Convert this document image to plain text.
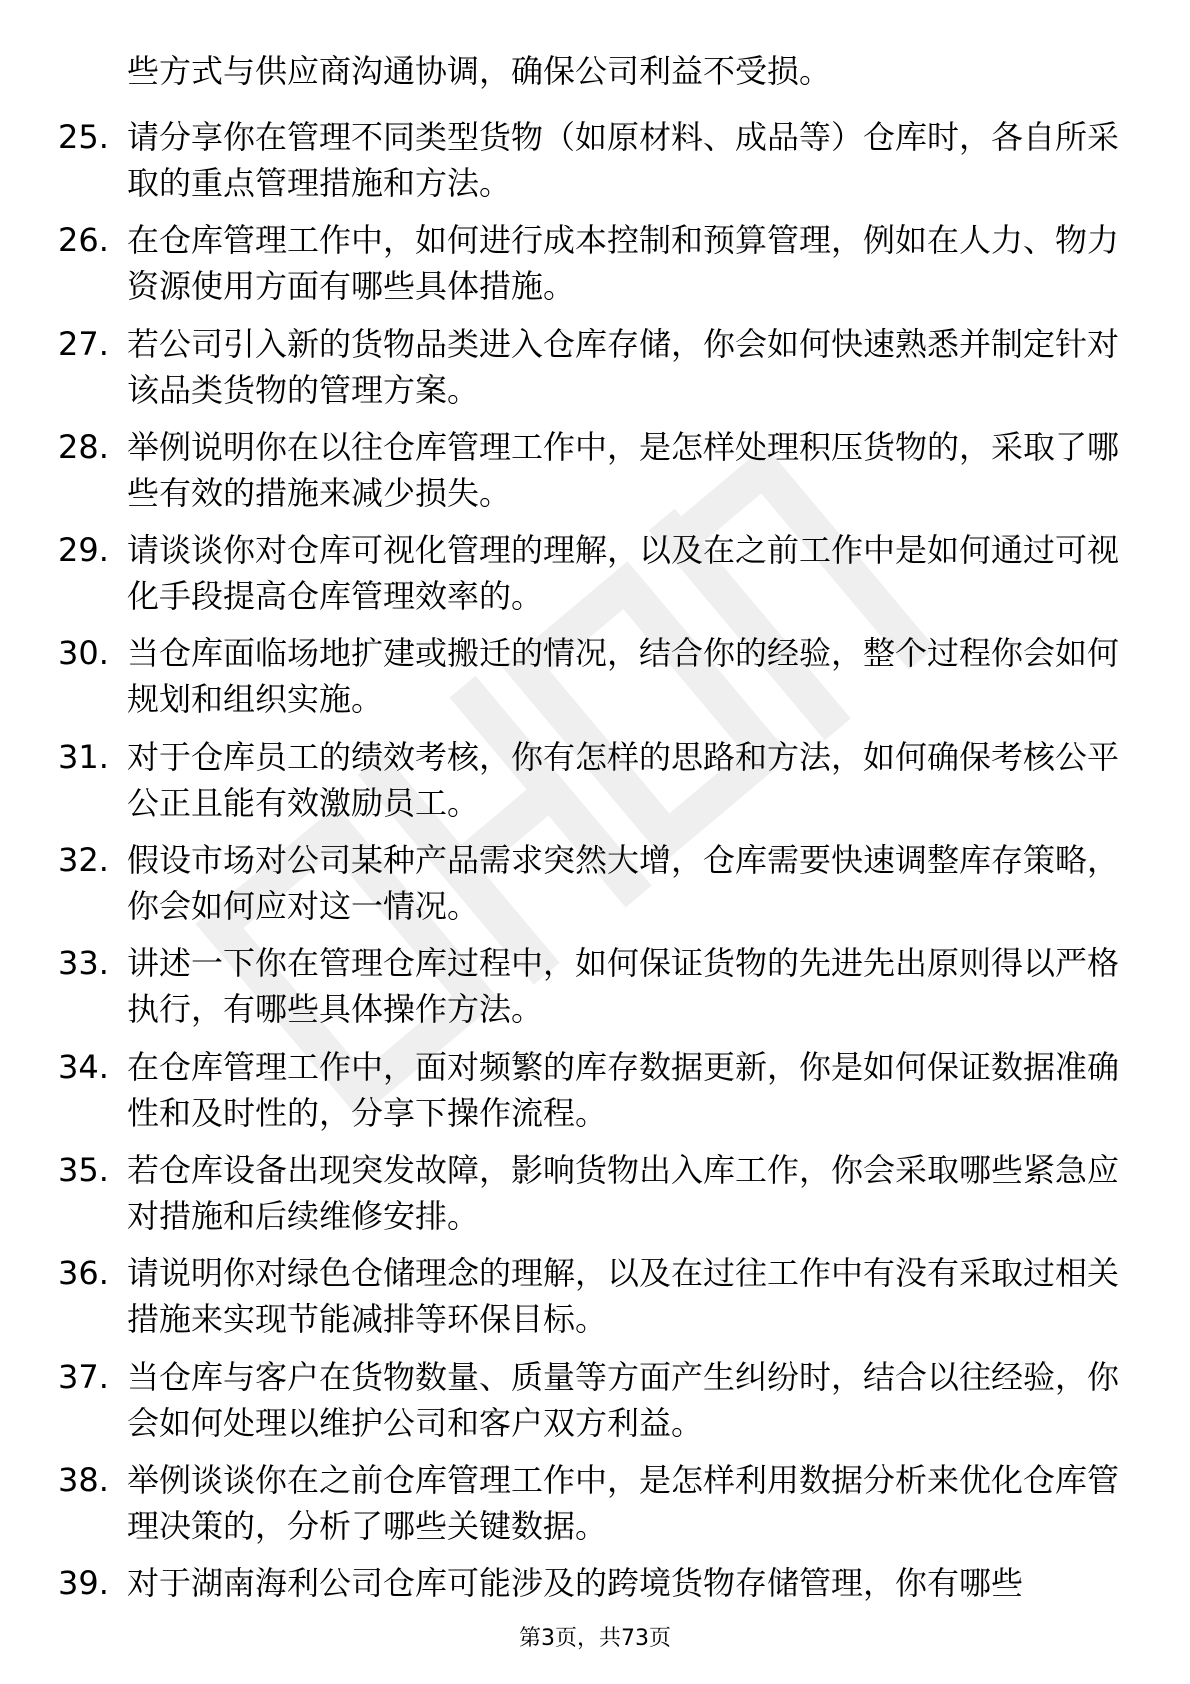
些方式与供应商沟通协调，确保公司利益不受损。

25. 请分享你在管理不同类型货物（如原材料、成品等）仓库时，各自所采取的重点管理措施和方法。
26. 在仓库管理工作中，如何进行成本控制和预算管理，例如在人力、物力资源使用方面有哪些具体措施。
27. 若公司引入新的货物品类进入仓库存储，你会如何快速熟悉并制定针对该品类货物的管理方案。
28. 举例说明你在以往仓库管理工作中，是怎样处理积压货物的，采取了哪些有效的措施来减少损失。
29. 请谈谈你对仓库可视化管理的理解，以及在之前工作中是如何通过可视化手段提高仓库管理效率的。
30. 当仓库面临场地扩建或搬迁的情况，结合你的经验，整个过程你会如何规划和组织实施。
31. 对于仓库员工的绩效考核，你有怎样的思路和方法，如何确保考核公平公正且能有效激励员工。
32. 假设市场对公司某种产品需求突然大增，仓库需要快速调整库存策略，你会如何应对这一情况。
33. 讲述一下你在管理仓库过程中，如何保证货物的先进先出原则得以严格执行，有哪些具体操作方法。
34. 在仓库管理工作中，面对频繁的库存数据更新，你是如何保证数据准确性和及时性的，分享下操作流程。
35. 若仓库设备出现突发故障，影响货物出入库工作，你会采取哪些紧急应对措施和后续维修安排。
36. 请说明你对绿色仓储理念的理解，以及在过往工作中有没有采取过相关措施来实现节能减排等环保目标。
37. 当仓库与客户在货物数量、质量等方面产生纠纷时，结合以往经验，你会如何处理以维护公司和客户双方利益。
38. 举例谈谈你在之前仓库管理工作中，是怎样利用数据分析来优化仓库管理决策的，分析了哪些关键数据。
39. 对于湖南海利公司仓库可能涉及的跨境货物存储管理，你有哪些
第3页，共73页
